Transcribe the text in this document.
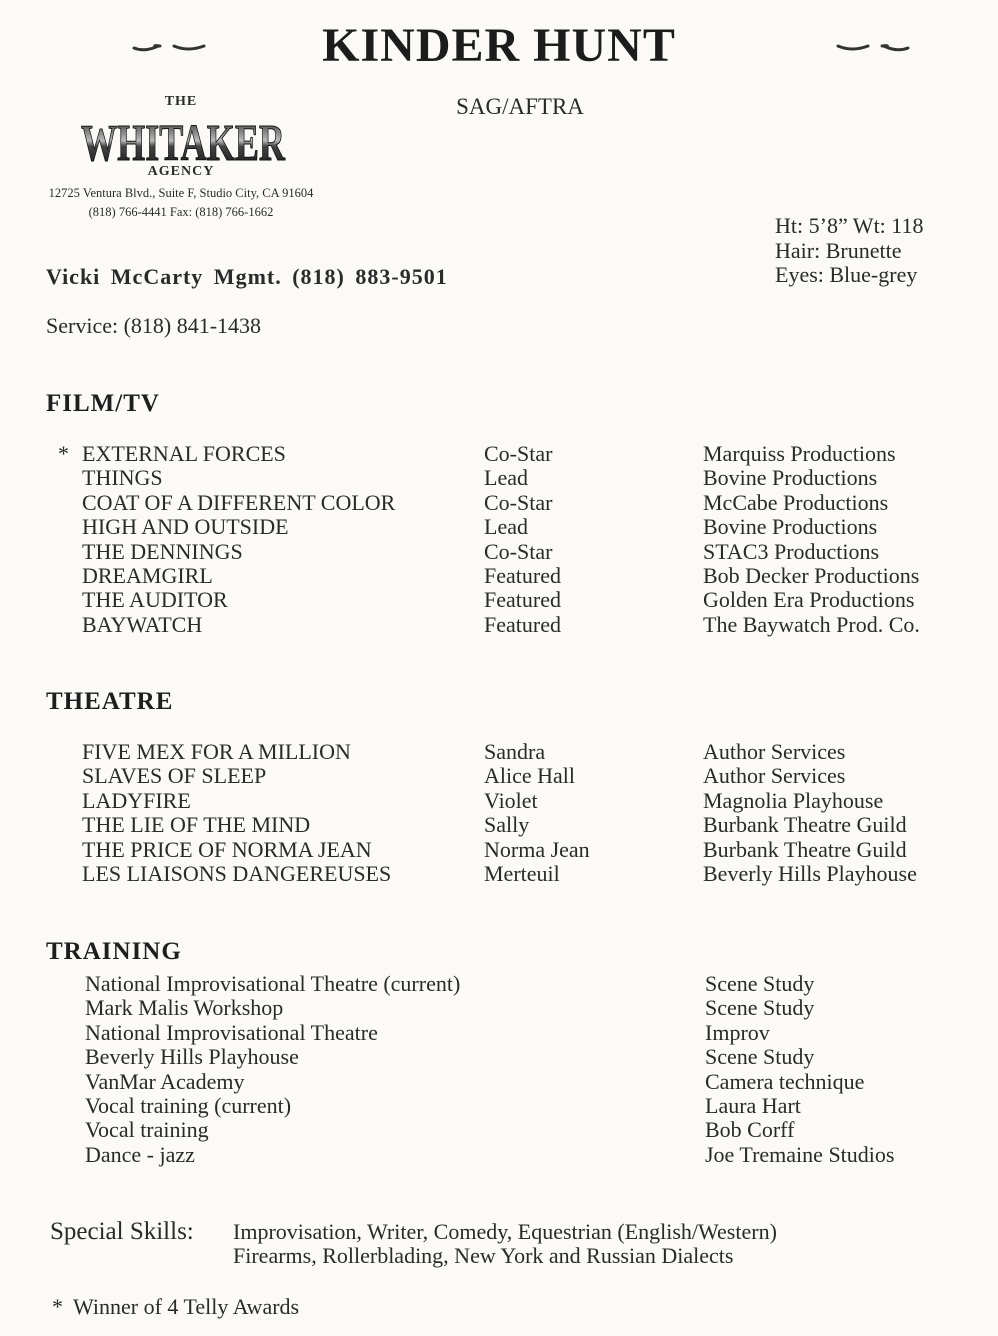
KINDER HUNT
SAG/AFTRA
THE
WHITAKER
AGENCY
12725 Ventura Blvd., Suite F, Studio City, CA 91604
(818) 766-4441 Fax: (818) 766-1662
Ht: 5’8” Wt: 118
Hair: Brunette
Eyes: Blue-grey
Vicki McCarty Mgmt. (818) 883-9501
Service: (818) 841-1438
FILM/TV
* EXTERNAL FORCES	Co-Star	Marquiss Productions
THINGS	Lead	Bovine Productions
COAT OF A DIFFERENT COLOR	Co-Star	McCabe Productions
HIGH AND OUTSIDE	Lead	Bovine Productions
THE DENNINGS	Co-Star	STAC3 Productions
DREAMGIRL	Featured	Bob Decker Productions
THE AUDITOR	Featured	Golden Era Productions
BAYWATCH	Featured	The Baywatch Prod. Co.
THEATRE
FIVE MEX FOR A MILLION	Sandra	Author Services
SLAVES OF SLEEP	Alice Hall	Author Services
LADYFIRE	Violet	Magnolia Playhouse
THE LIE OF THE MIND	Sally	Burbank Theatre Guild
THE PRICE OF NORMA JEAN	Norma Jean	Burbank Theatre Guild
LES LIAISONS DANGEREUSES	Merteuil	Beverly Hills Playhouse
TRAINING
National Improvisational Theatre (current)	Scene Study
Mark Malis Workshop	Scene Study
National Improvisational Theatre	Improv
Beverly Hills Playhouse	Scene Study
VanMar Academy	Camera technique
Vocal training (current)	Laura Hart
Vocal training	Bob Corff
Dance - jazz	Joe Tremaine Studios
Special Skills: Improvisation, Writer, Comedy, Equestrian (English/Western)
Firearms, Rollerblading, New York and Russian Dialects
* Winner of 4 Telly Awards
